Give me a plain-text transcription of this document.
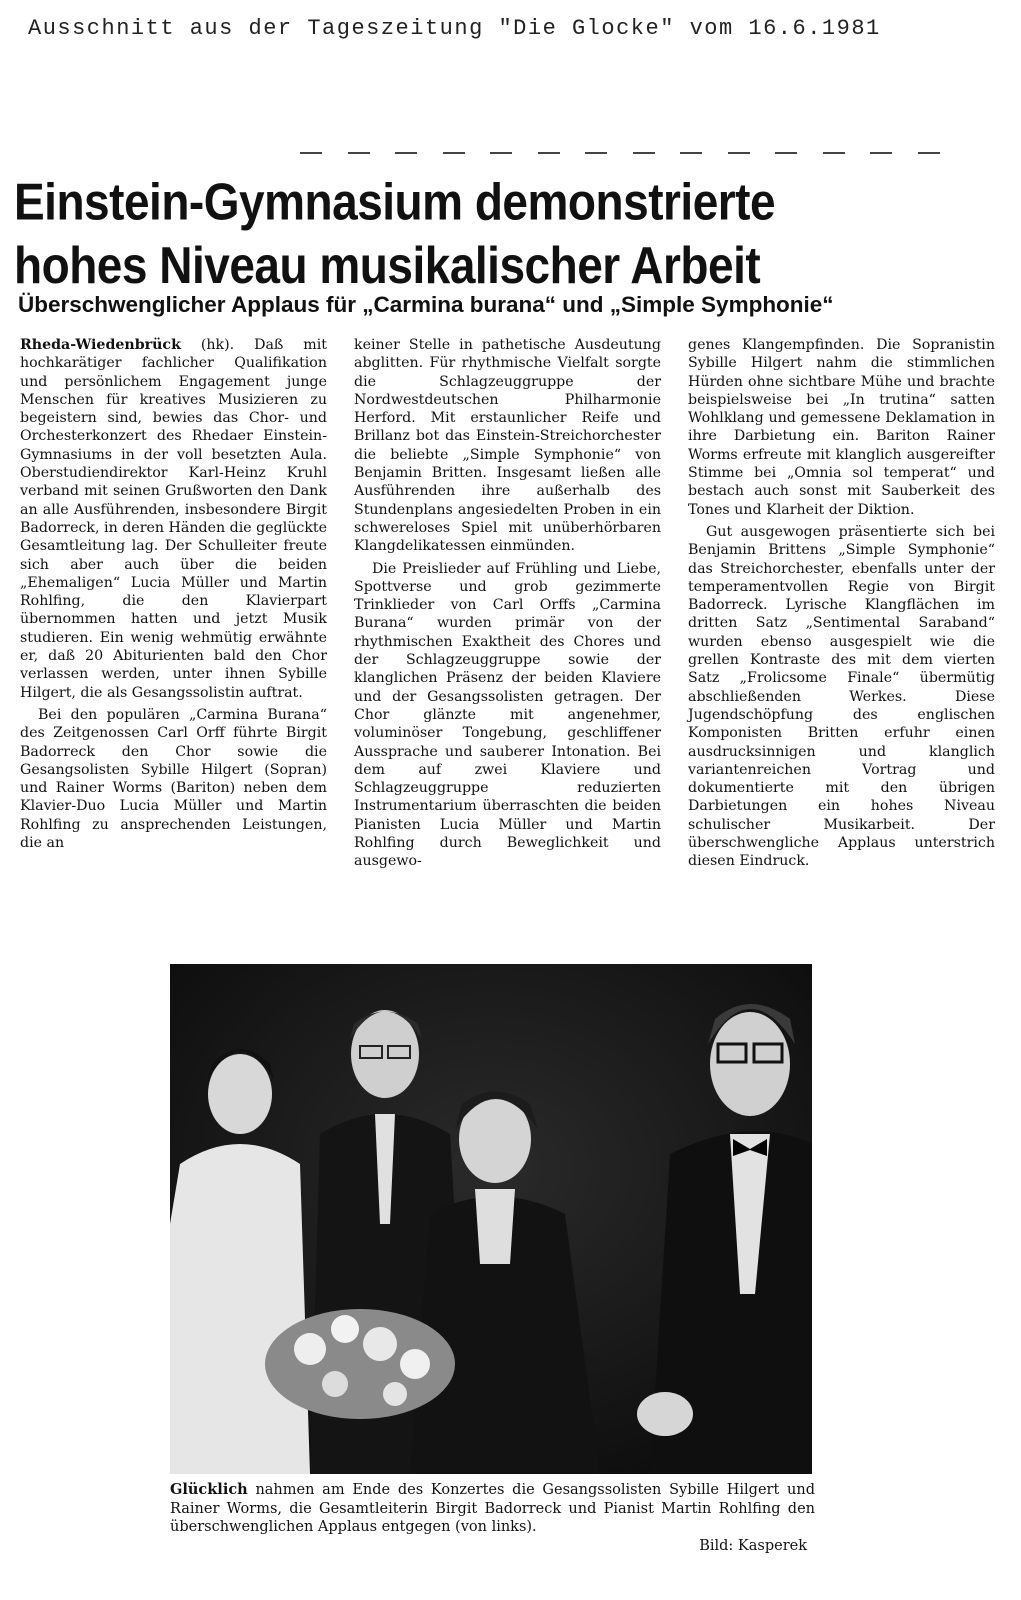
Ausschnitt aus der Tageszeitung "Die Glocke" vom 16.6.1981
Einstein-Gymnasium demonstrierte
hohes Niveau musikalischer Arbeit
Überschwenglicher Applaus für „Carmina burana“ und „Simple Symphonie“

Rheda-Wiedenbrück (hk). Daß mit hochkarätiger fachlicher Qualifikation und persönlichem Engagement junge Menschen für kreatives Musizieren zu begeistern sind, bewies das Chor- und Orchesterkonzert des Rhedaer Einstein-Gymnasiums in der voll besetzten Aula. Oberstudiendirektor Karl-Heinz Kruhl verband mit seinen Grußworten den Dank an alle Ausführenden, insbesondere Birgit Badorreck, in deren Händen die geglückte Gesamtleitung lag. Der Schulleiter freute sich aber auch über die beiden „Ehemaligen“ Lucia Müller und Martin Rohlfing, die den Klavierpart übernommen hatten und jetzt Musik studieren. Ein wenig wehmütig erwähnte er, daß 20 Abiturienten bald den Chor verlassen werden, unter ihnen Sybille Hilgert, die als Gesangssolistin auftrat.

Bei den populären „Carmina Burana“ des Zeitgenossen Carl Orff führte Birgit Badorreck den Chor sowie die Gesangsolisten Sybille Hilgert (Sopran) und Rainer Worms (Bariton) neben dem Klavier-Duo Lucia Müller und Martin Rohlfing zu ansprechenden Leistungen, die an

keiner Stelle in pathetische Ausdeutung abglitten. Für rhythmische Vielfalt sorgte die Schlagzeuggruppe der Nordwestdeutschen Philharmonie Herford. Mit erstaunlicher Reife und Brillanz bot das Einstein-Streichorchester die beliebte „Simple Symphonie“ von Benjamin Britten. Insgesamt ließen alle Ausführenden ihre außerhalb des Stundenplans angesiedelten Proben in ein schwereloses Spiel mit unüberhörbaren Klangdelikatessen einmünden.

Die Preislieder auf Frühling und Liebe, Spottverse und grob gezimmerte Trinklieder von Carl Orffs „Carmina Burana“ wurden primär von der rhythmischen Exaktheit des Chores und der Schlagzeuggruppe sowie der klanglichen Präsenz der beiden Klaviere und der Gesangssolisten getragen. Der Chor glänzte mit angenehmer, voluminöser Tongebung, geschliffener Aussprache und sauberer Intonation. Bei dem auf zwei Klaviere und Schlagzeuggruppe reduzierten Instrumentarium überraschten die beiden Pianisten Lucia Müller und Martin Rohlfing durch Beweglichkeit und ausgewo-

genes Klangempfinden. Die Sopranistin Sybille Hilgert nahm die stimmlichen Hürden ohne sichtbare Mühe und brachte beispielsweise bei „In trutina“ satten Wohlklang und gemessene Deklamation in ihre Darbietung ein. Bariton Rainer Worms erfreute mit klanglich ausgereifter Stimme bei „Omnia sol temperat“ und bestach auch sonst mit Sauberkeit des Tones und Klarheit der Diktion.

Gut ausgewogen präsentierte sich bei Benjamin Brittens „Simple Symphonie“ das Streichorchester, ebenfalls unter der temperamentvollen Regie von Birgit Badorreck. Lyrische Klangflächen im dritten Satz „Sentimental Saraband“ wurden ebenso ausgespielt wie die grellen Kontraste des mit dem vierten Satz „Frolicsome Finale“ übermütig abschließenden Werkes. Diese Jugendschöpfung des englischen Komponisten Britten erfuhr einen ausdrucksinnigen und klanglich variantenreichen Vortrag und dokumentierte mit den übrigen Darbietungen ein hohes Niveau schulischer Musikarbeit. Der überschwengliche Applaus unterstrich diesen Eindruck.

Glücklich nahmen am Ende des Konzertes die Gesangssolisten Sybille Hilgert und Rainer Worms, die Gesamtleiterin Birgit Badorreck und Pianist Martin Rohlfing den überschwenglichen Applaus entgegen (von links).

Bild: Kasperek
